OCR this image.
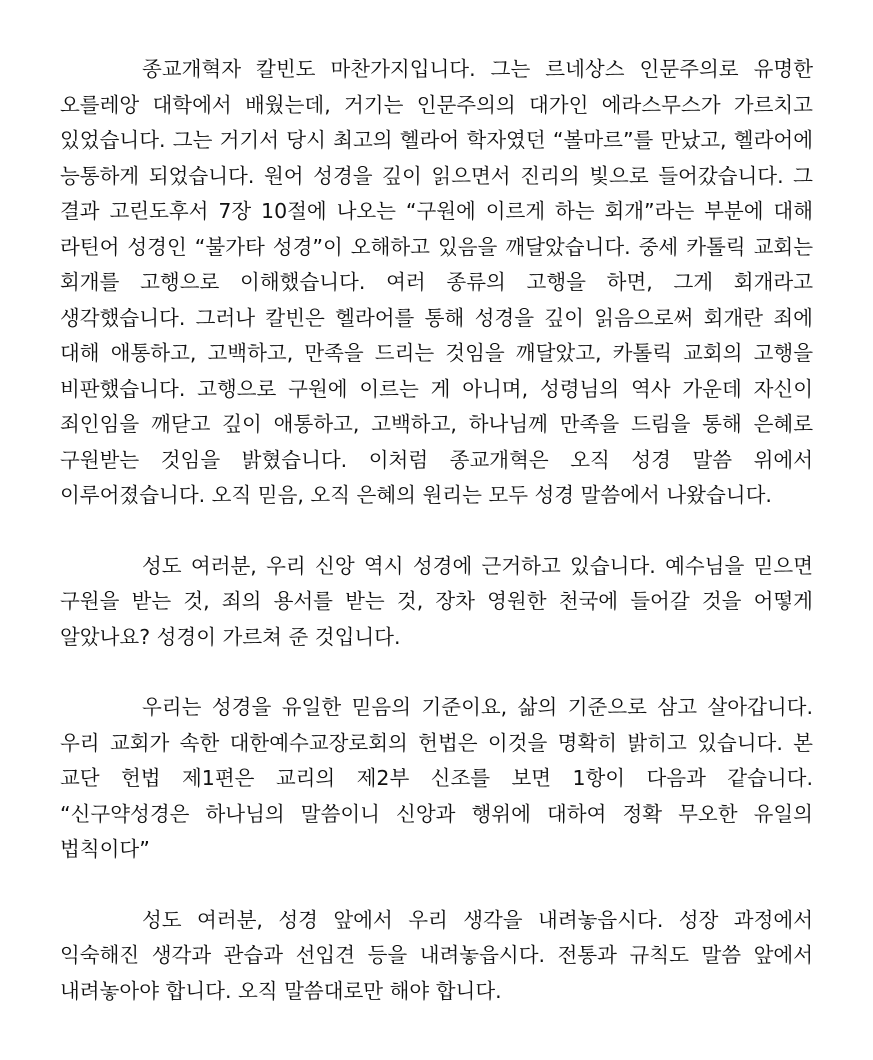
종교개혁자 칼빈도 마찬가지입니다. 그는 르네상스 인문주의로 유명한 오를레앙 대학에서 배웠는데, 거기는 인문주의의 대가인 에라스무스가 가르치고 있었습니다. 그는 거기서 당시 최고의 헬라어 학자였던 “볼마르”를 만났고, 헬라어에 능통하게 되었습니다. 원어 성경을 깊이 읽으면서 진리의 빛으로 들어갔습니다. 그 결과 고린도후서 7장 10절에 나오는 “구원에 이르게 하는 회개”라는 부분에 대해 라틴어 성경인 “불가타 성경”이 오해하고 있음을 깨달았습니다. 중세 카톨릭 교회는 회개를 고행으로 이해했습니다. 여러 종류의 고행을 하면, 그게 회개라고 생각했습니다. 그러나 칼빈은 헬라어를 통해 성경을 깊이 읽음으로써 회개란 죄에 대해 애통하고, 고백하고, 만족을 드리는 것임을 깨달았고, 카톨릭 교회의 고행을 비판했습니다. 고행으로 구원에 이르는 게 아니며, 성령님의 역사 가운데 자신이 죄인임을 깨닫고 깊이 애통하고, 고백하고, 하나님께 만족을 드림을 통해 은혜로 구원받는 것임을 밝혔습니다. 이처럼 종교개혁은 오직 성경 말씀 위에서 이루어졌습니다. 오직 믿음, 오직 은혜의 원리는 모두 성경 말씀에서 나왔습니다.

성도 여러분, 우리 신앙 역시 성경에 근거하고 있습니다. 예수님을 믿으면 구원을 받는 것, 죄의 용서를 받는 것, 장차 영원한 천국에 들어갈 것을 어떻게 알았나요? 성경이 가르쳐 준 것입니다.

우리는 성경을 유일한 믿음의 기준이요, 삶의 기준으로 삼고 살아갑니다. 우리 교회가 속한 대한예수교장로회의 헌법은 이것을 명확히 밝히고 있습니다. 본 교단 헌법 제1편은 교리의 제2부 신조를 보면 1항이 다음과 같습니다. “신구약성경은 하나님의 말씀이니 신앙과 행위에 대하여 정확 무오한 유일의 법칙이다”

성도 여러분, 성경 앞에서 우리 생각을 내려놓읍시다. 성장 과정에서 익숙해진 생각과 관습과 선입견 등을 내려놓읍시다. 전통과 규칙도 말씀 앞에서 내려놓아야 합니다. 오직 말씀대로만 해야 합니다.
